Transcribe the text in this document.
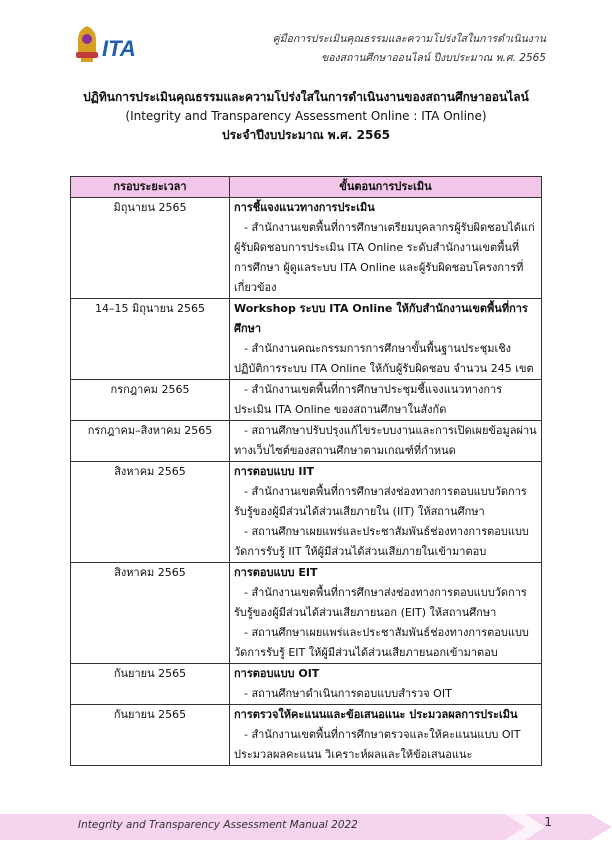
ITA	คู่มือการประเมินคุณธรรมและความโปร่งใสในการดำเนินงาน
ของสถานศึกษาออนไลน์ ปีงบประมาณ พ.ศ. 2565
ปฏิทินการประเมินคุณธรรมและความโปร่งใสในการดำเนินงานของสถานศึกษาออนไลน์
(Integrity and Transparency Assessment Online : ITA Online)
ประจำปีงบประมาณ พ.ศ. 2565
กรอบระยะเวลา	ขั้นตอนการประเมิน
มิถุนายน 2565	การชี้แจงแนวทางการประเมิน
- สำนักงานเขตพื้นที่การศึกษาเตรียมบุคลากรผู้รับผิดชอบได้แก่ ผู้รับผิดชอบการประเมิน ITA Online ระดับสำนักงานเขตพื้นที่การศึกษา ผู้ดูแลระบบ ITA Online และผู้รับผิดชอบโครงการที่เกี่ยวข้อง

14–15 มิถุนายน 2565	Workshop ระบบ ITA Online ให้กับสำนักงานเขตพื้นที่การศึกษา
- สำนักงานคณะกรรมการการศึกษาขั้นพื้นฐานประชุมเชิงปฏิบัติการระบบ ITA Online ให้กับผู้รับผิดชอบ จำนวน 245 เขต

กรกฎาคม 2565	- สำนักงานเขตพื้นที่การศึกษาประชุมชี้แจงแนวทางการประเมิน ITA Online ของสถานศึกษาในสังกัด

กรกฎาคม–สิงหาคม 2565	- สถานศึกษาปรับปรุงแก้ไขระบบงานและการเปิดเผยข้อมูลผ่านทางเว็บไซต์ของสถานศึกษาตามเกณฑ์ที่กำหนด

สิงหาคม 2565	การตอบแบบ IIT
- สำนักงานเขตพื้นที่การศึกษาส่งช่องทางการตอบแบบวัดการรับรู้ของผู้มีส่วนได้ส่วนเสียภายใน (IIT) ให้สถานศึกษา
- สถานศึกษาเผยแพร่และประชาสัมพันธ์ช่องทางการตอบแบบวัดการรับรู้ IIT ให้ผู้มีส่วนได้ส่วนเสียภายในเข้ามาตอบ

สิงหาคม 2565	การตอบแบบ EIT
- สำนักงานเขตพื้นที่การศึกษาส่งช่องทางการตอบแบบวัดการรับรู้ของผู้มีส่วนได้ส่วนเสียภายนอก (EIT) ให้สถานศึกษา
- สถานศึกษาเผยแพร่และประชาสัมพันธ์ช่องทางการตอบแบบวัดการรับรู้ EIT ให้ผู้มีส่วนได้ส่วนเสียภายนอกเข้ามาตอบ

กันยายน 2565	การตอบแบบ OIT
- สถานศึกษาดำเนินการตอบแบบสำรวจ OIT

กันยายน 2565	การตรวจให้คะแนนและข้อเสนอแนะ ประมวลผลการประเมิน
- สำนักงานเขตพื้นที่การศึกษาตรวจและให้คะแนนแบบ OIT ประมวลผลคะแนน วิเคราะห์ผลและให้ข้อเสนอแนะ
Integrity and Transparency Assessment Manual 2022	1
